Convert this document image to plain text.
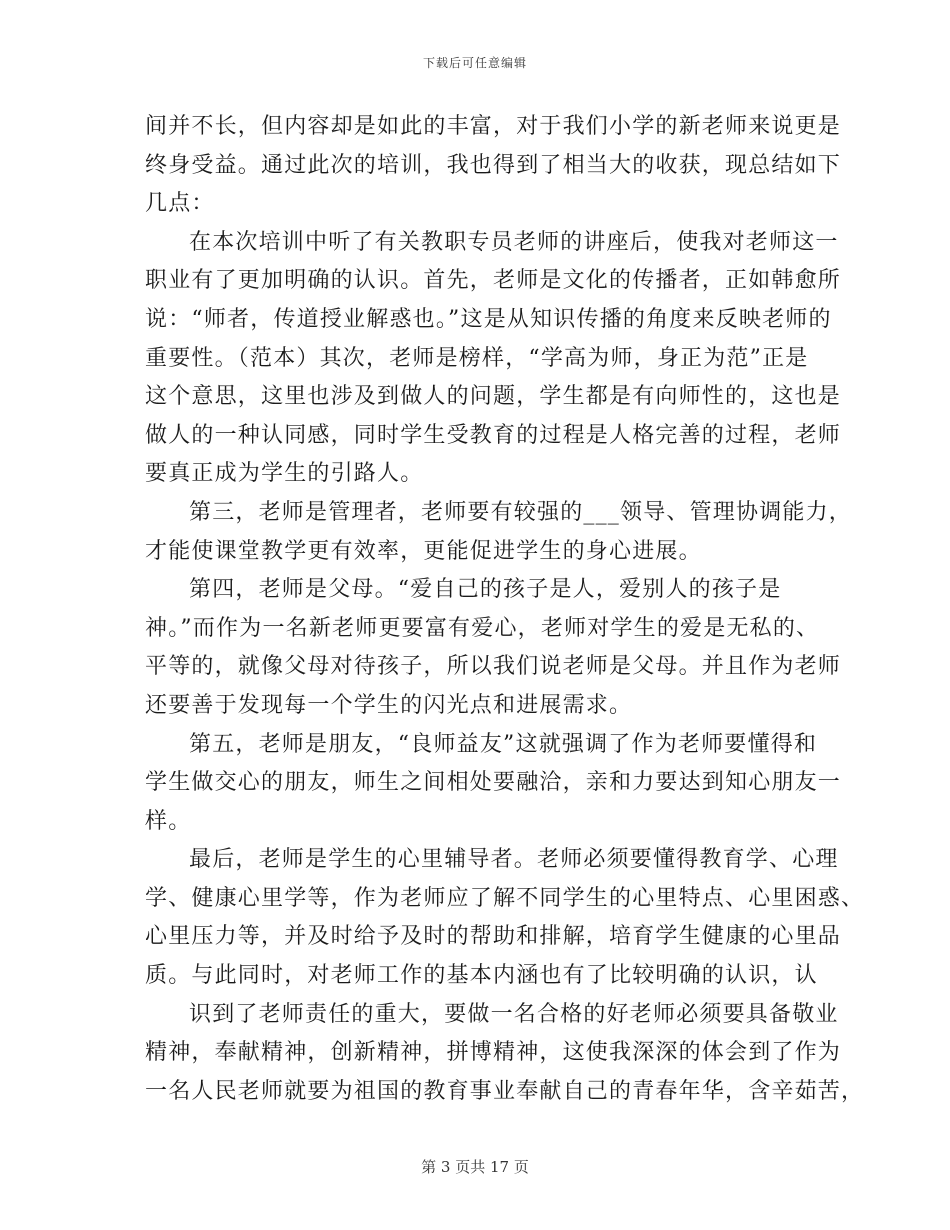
下载后可任意编辑
间并不长，但内容却是如此的丰富，对于我们小学的新老师来说更是
终身受益。通过此次的培训，我也得到了相当大的收获，现总结如下
几点：
在本次培训中听了有关教职专员老师的讲座后，使我对老师这一
职业有了更加明确的认识。首先，老师是文化的传播者，正如韩愈所
说：“师者，传道授业解惑也。”这是从知识传播的角度来反映老师的
重要性。（范本）其次，老师是榜样，“学高为师，身正为范”正是
这个意思，这里也涉及到做人的问题，学生都是有向师性的，这也是
做人的一种认同感，同时学生受教育的过程是人格完善的过程，老师
要真正成为学生的引路人。
第三，老师是管理者，老师要有较强的___领导、管理协调能力，
才能使课堂教学更有效率，更能促进学生的身心进展。
第四，老师是父母。“爱自己的孩子是人，爱别人的孩子是
神。”而作为一名新老师更要富有爱心，老师对学生的爱是无私的、
平等的，就像父母对待孩子，所以我们说老师是父母。并且作为老师
还要善于发现每一个学生的闪光点和进展需求。
第五，老师是朋友，“良师益友”这就强调了作为老师要懂得和
学生做交心的朋友，师生之间相处要融洽，亲和力要达到知心朋友一
样。
最后，老师是学生的心里辅导者。老师必须要懂得教育学、心理
学、健康心里学等，作为老师应了解不同学生的心里特点、心里困惑、
心里压力等，并及时给予及时的帮助和排解，培育学生健康的心里品
质。与此同时，对老师工作的基本内涵也有了比较明确的认识，认
识到了老师责任的重大，要做一名合格的好老师必须要具备敬业
精神，奉献精神，创新精神，拼博精神，这使我深深的体会到了作为
一名人民老师就要为祖国的教育事业奉献自己的青春年华，含辛茹苦，
第 3 页共 17 页
